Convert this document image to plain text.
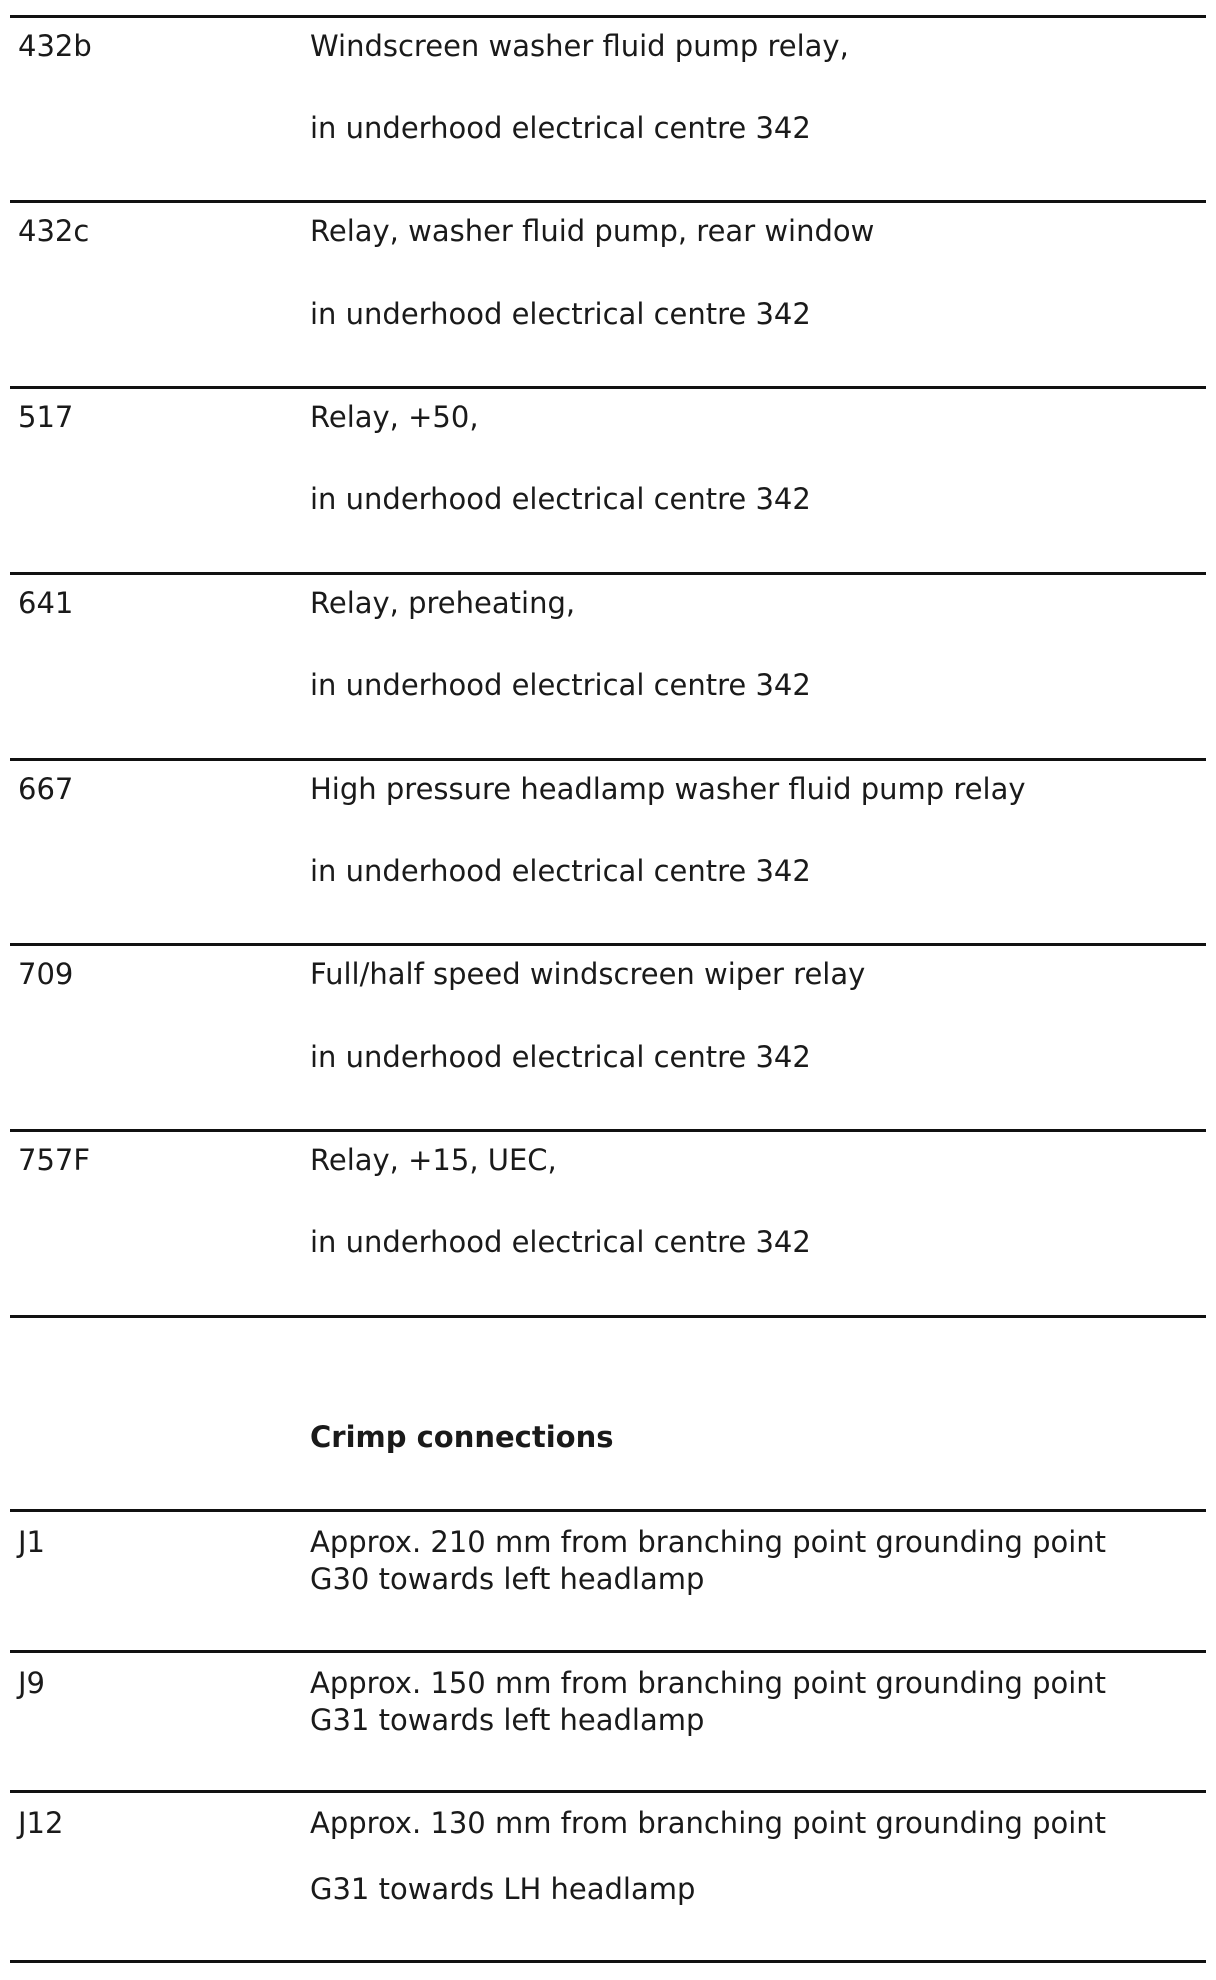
432b	Windscreen washer fluid pump relay,
in underhood electrical centre 342
432c	Relay, washer fluid pump, rear window
in underhood electrical centre 342
517	Relay, +50,
in underhood electrical centre 342
641	Relay, preheating,
in underhood electrical centre 342
667	High pressure headlamp washer fluid pump relay
in underhood electrical centre 342
709	Full/half speed windscreen wiper relay
in underhood electrical centre 342
757F	Relay, +15, UEC,
in underhood electrical centre 342
Crimp connections
J1	Approx. 210 mm from branching point grounding point
G30 towards left headlamp
J9	Approx. 150 mm from branching point grounding point
G31 towards left headlamp
J12	Approx. 130 mm from branching point grounding point
G31 towards LH headlamp
